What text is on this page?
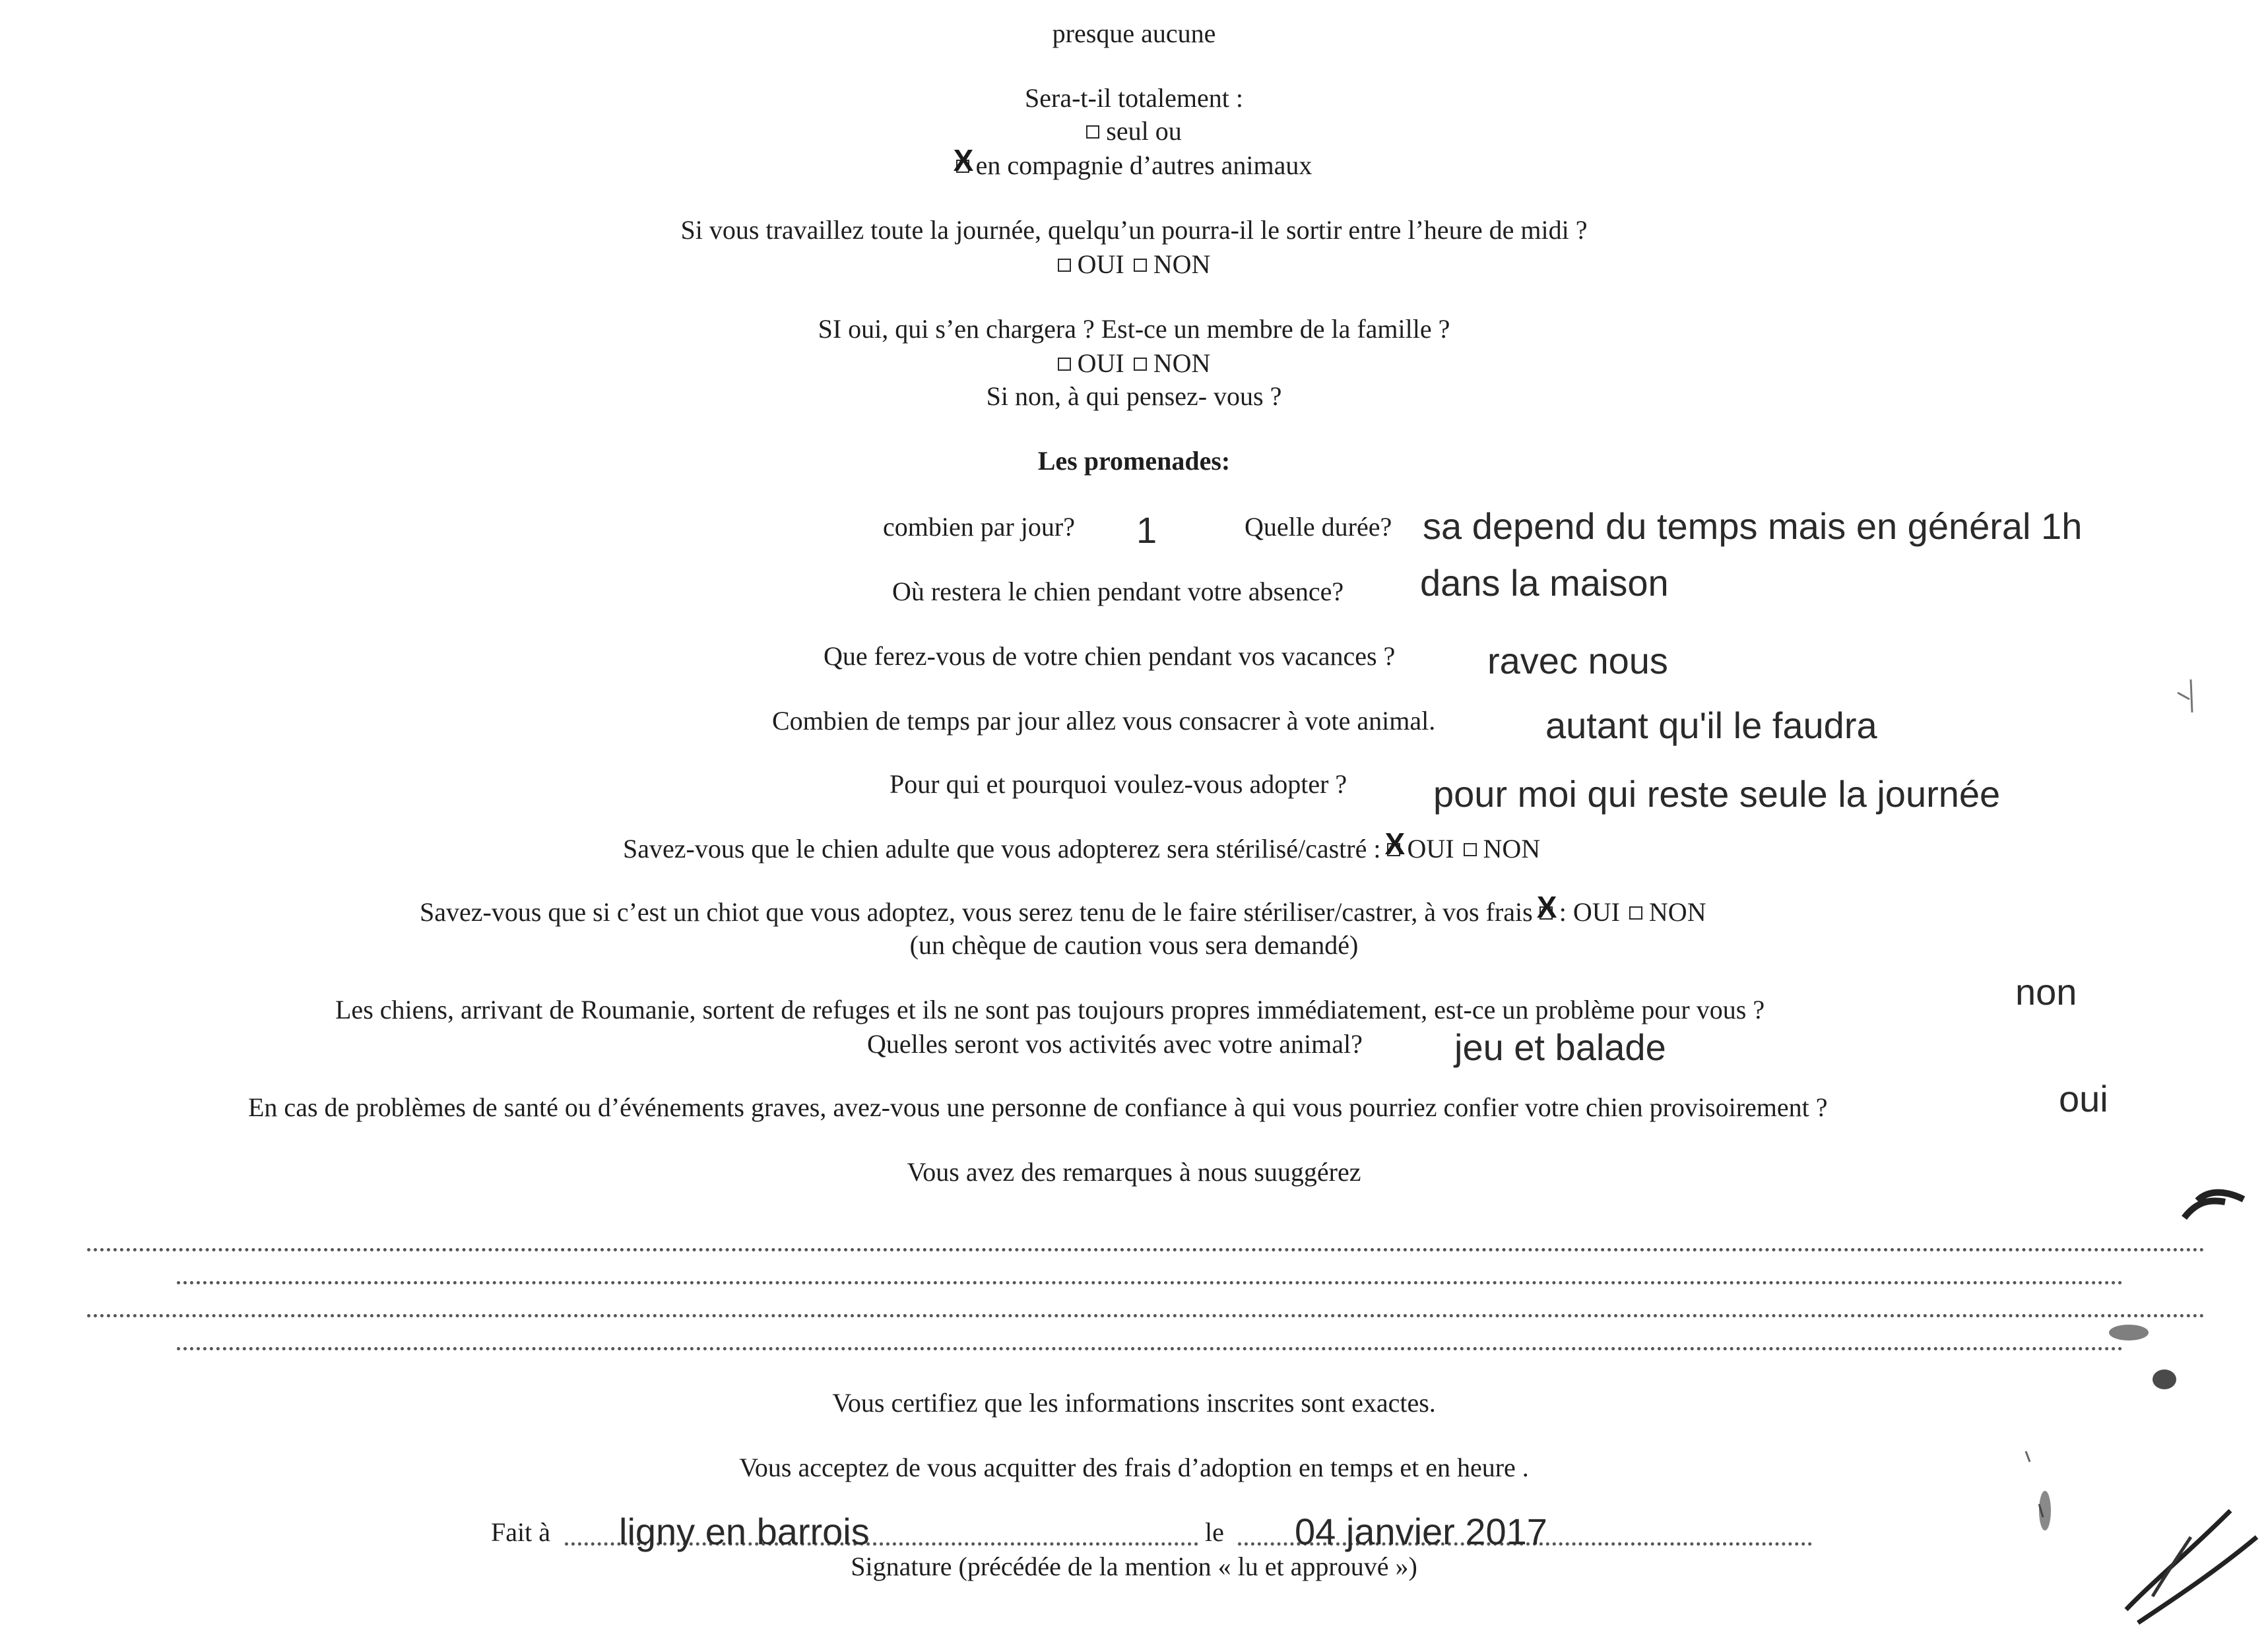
presque aucune
Sera-t-il totalement :
seul ou
X en compagnie d’autres animaux
Si vous travaillez toute la journée, quelqu’un pourra-il le sortir entre l’heure de midi ?
OUI NON
SI oui, qui s’en chargera ? Est-ce un membre de la famille ?
OUI NON
Si non, à qui pensez- vous ?
Les promenades:
combien par jour? 1	Quelle durée? sa depend du temps mais en général 1h
Où restera le chien pendant votre absence? dans la maison
Que ferez-vous de votre chien pendant vos vacances ? ravec nous
Combien de temps par jour allez vous consacrer à vote animal.	autant qu'il le faudra
Pour qui et pourquoi voulez-vous adopter ? pour moi qui reste seule la journée
Savez-vous que le chien adulte que vous adopterez sera stérilisé/castré : X OUI NON
Savez-vous que si c’est un chiot que vous adoptez, vous serez tenu de le faire stériliser/castrer, à vos frais X : OUI NON
(un chèque de caution vous sera demandé)
Les chiens, arrivant de Roumanie, sortent de refuges et ils ne sont pas toujours propres immédiatement, est-ce un problème pour vous ?	non
Quelles seront vos activités avec votre animal? jeu et balade
En cas de problèmes de santé ou d’événements graves, avez-vous une personne de confiance à qui vous pourriez confier votre chien provisoirement ?	oui
Vous avez des remarques à nous suuggérez
Vous certifiez que les informations inscrites sont exactes.
Vous acceptez de vous acquitter des frais d’adoption en temps et en heure .
Fait à ligny en barrois	le 04 janvier 2017
Signature (précédée de la mention « lu et approuvé »)
